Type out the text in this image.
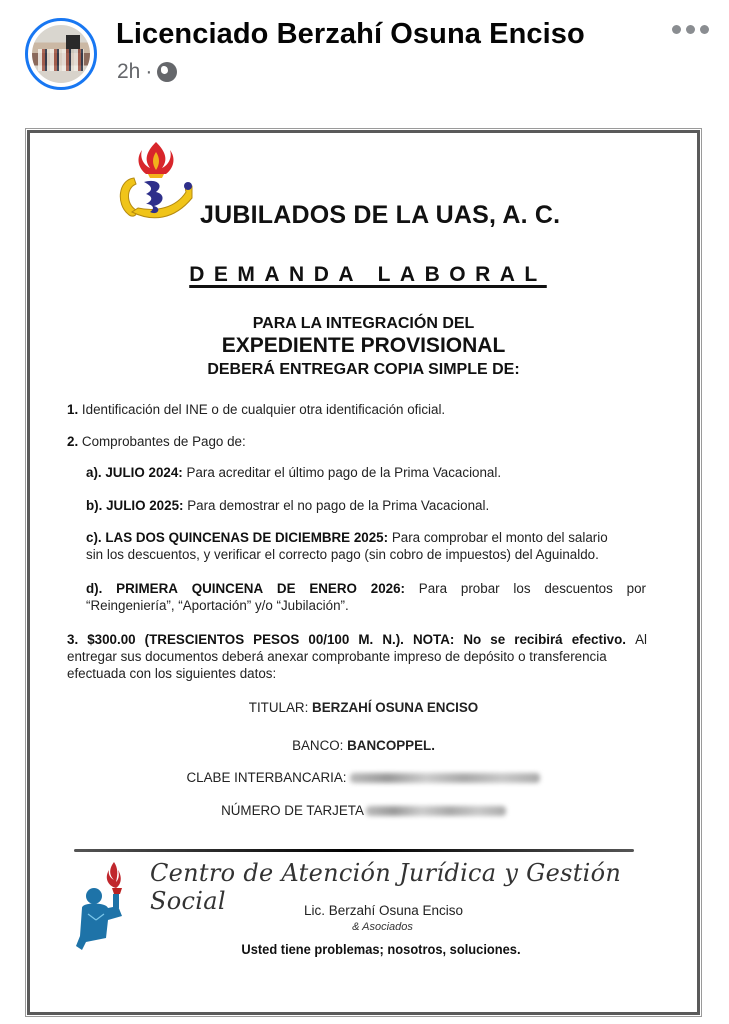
Licenciado Berzahí Osuna Enciso
2h ·
JUBILADOS DE LA UAS, A. C.
DEMANDA LABORAL
PARA LA INTEGRACIÓN DEL
EXPEDIENTE PROVISIONAL
DEBERÁ ENTREGAR COPIA SIMPLE DE:
1. Identificación del INE o de cualquier otra identificación oficial.
2. Comprobantes de Pago de:
a). JULIO 2024: Para acreditar el último pago de la Prima Vacacional.
b). JULIO 2025: Para demostrar el no pago de la Prima Vacacional.
c). LAS DOS QUINCENAS DE DICIEMBRE 2025: Para comprobar el monto del salario
sin los descuentos, y verificar el correcto pago (sin cobro de impuestos) del Aguinaldo.
d). PRIMERA QUINCENA DE ENERO 2026: Para probar los descuentos por
“Reingeniería”, “Aportación” y/o “Jubilación”.
3. $300.00 (TRESCIENTOS PESOS 00/100 M. N.). NOTA: No se recibirá efectivo. Al
entregar sus documentos deberá anexar comprobante impreso de depósito o transferencia
efectuada con los siguientes datos:
TITULAR: BERZAHÍ OSUNA ENCISO
BANCO: BANCOPPEL.
CLABE INTERBANCARIA:
NÚMERO DE TARJETA
Centro de Atención Jurídica y Gestión Social	Lic. Berzahí Osuna Enciso
& Asociados
Usted tiene problemas; nosotros, soluciones.
